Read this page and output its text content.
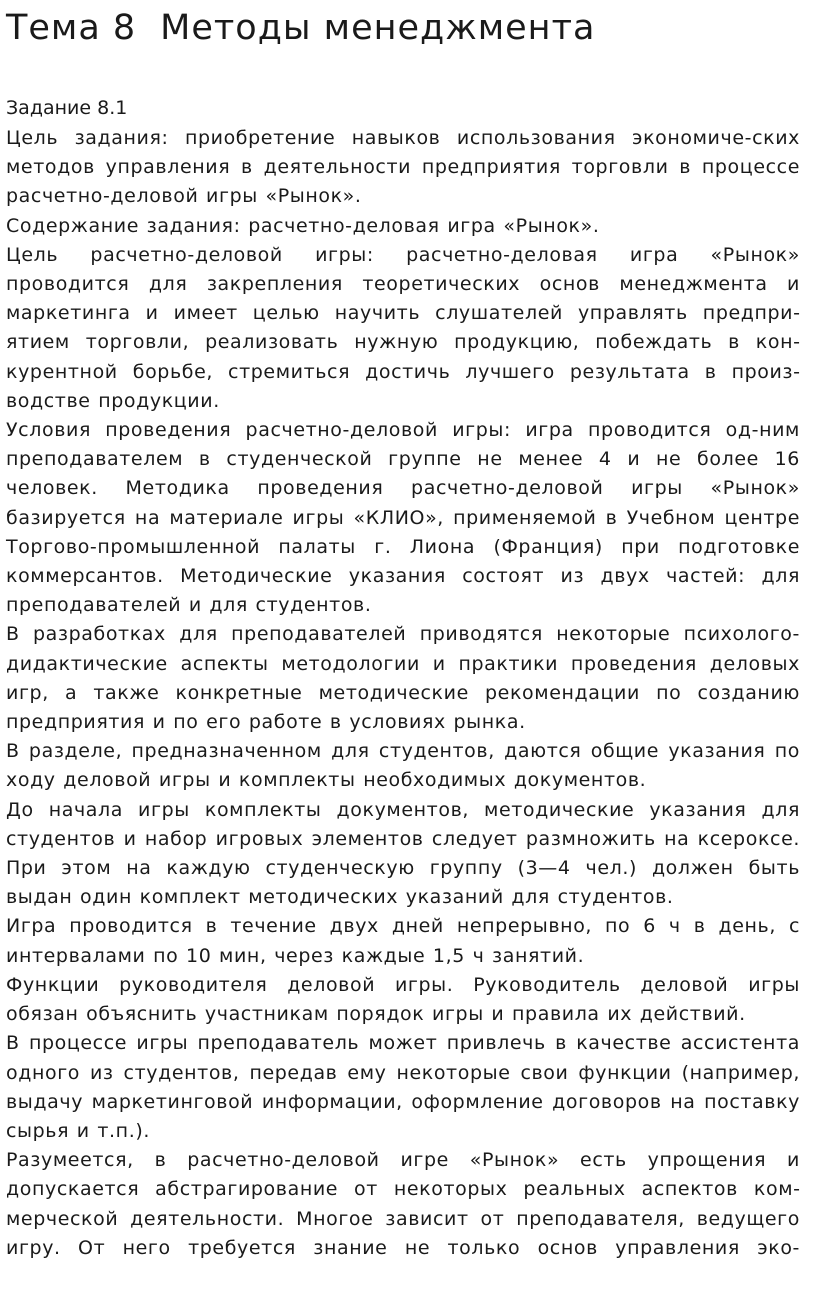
Тема 8 Методы менеджмента

Задание 8.1

Цель задания: приобретение навыков использования экономиче-ских методов управления в деятельности предприятия торговли в процессе расчетно-деловой игры «Рынок».

Содержание задания: расчетно-деловая игра «Рынок».

Цель расчетно-деловой игры: расчетно-деловая игра «Рынок» проводится для закрепления теоретических основ менеджмента и маркетинга и имеет целью научить слушателей управлять предприятием торговли, реализовать нужную продукцию, побеждать в конкурентной борьбе, стремиться достичь лучшего результата в производстве продукции.

Условия проведения расчетно-деловой игры: игра проводится од-ним преподавателем в студенческой группе не менее 4 и не более 16 человек. Методика проведения расчетно-деловой игры «Рынок» базируется на материале игры «КЛИО», применяемой в Учебном центре Торгово-промышленной палаты г. Лиона (Франция) при подготовке коммерсантов. Методические указания состоят из двух частей: для преподавателей и для студентов.

В разработках для преподавателей приводятся некоторые психолого-дидактические аспекты методологии и практики проведения деловых игр, а также конкретные методические рекомендации по созданию предприятия и по его работе в условиях рынка.

В разделе, предназначенном для студентов, даются общие указания по ходу деловой игры и комплекты необходимых документов.

До начала игры комплекты документов, методические указания для студентов и набор игровых элементов следует размножить на ксероксе. При этом на каждую студенческую группу (3—4 чел.) должен быть выдан один комплект методических указаний для студентов.

Игра проводится в течение двух дней непрерывно, по 6 ч в день, с интервалами по 10 мин, через каждые 1,5 ч занятий.

Функции руководителя деловой игры. Руководитель деловой игры обязан объяснить участникам порядок игры и правила их действий.

В процессе игры преподаватель может привлечь в качестве ассистента одного из студентов, передав ему некоторые свои функции (например, выдачу маркетинговой информации, оформление договоров на поставку сырья и т.п.).

Разумеется, в расчетно-деловой игре «Рынок» есть упрощения и допускается абстрагирование от некоторых реальных аспектов коммерческой деятельности. Многое зависит от преподавателя, ведущего игру. От него требуется знание не только основ управления эко-
